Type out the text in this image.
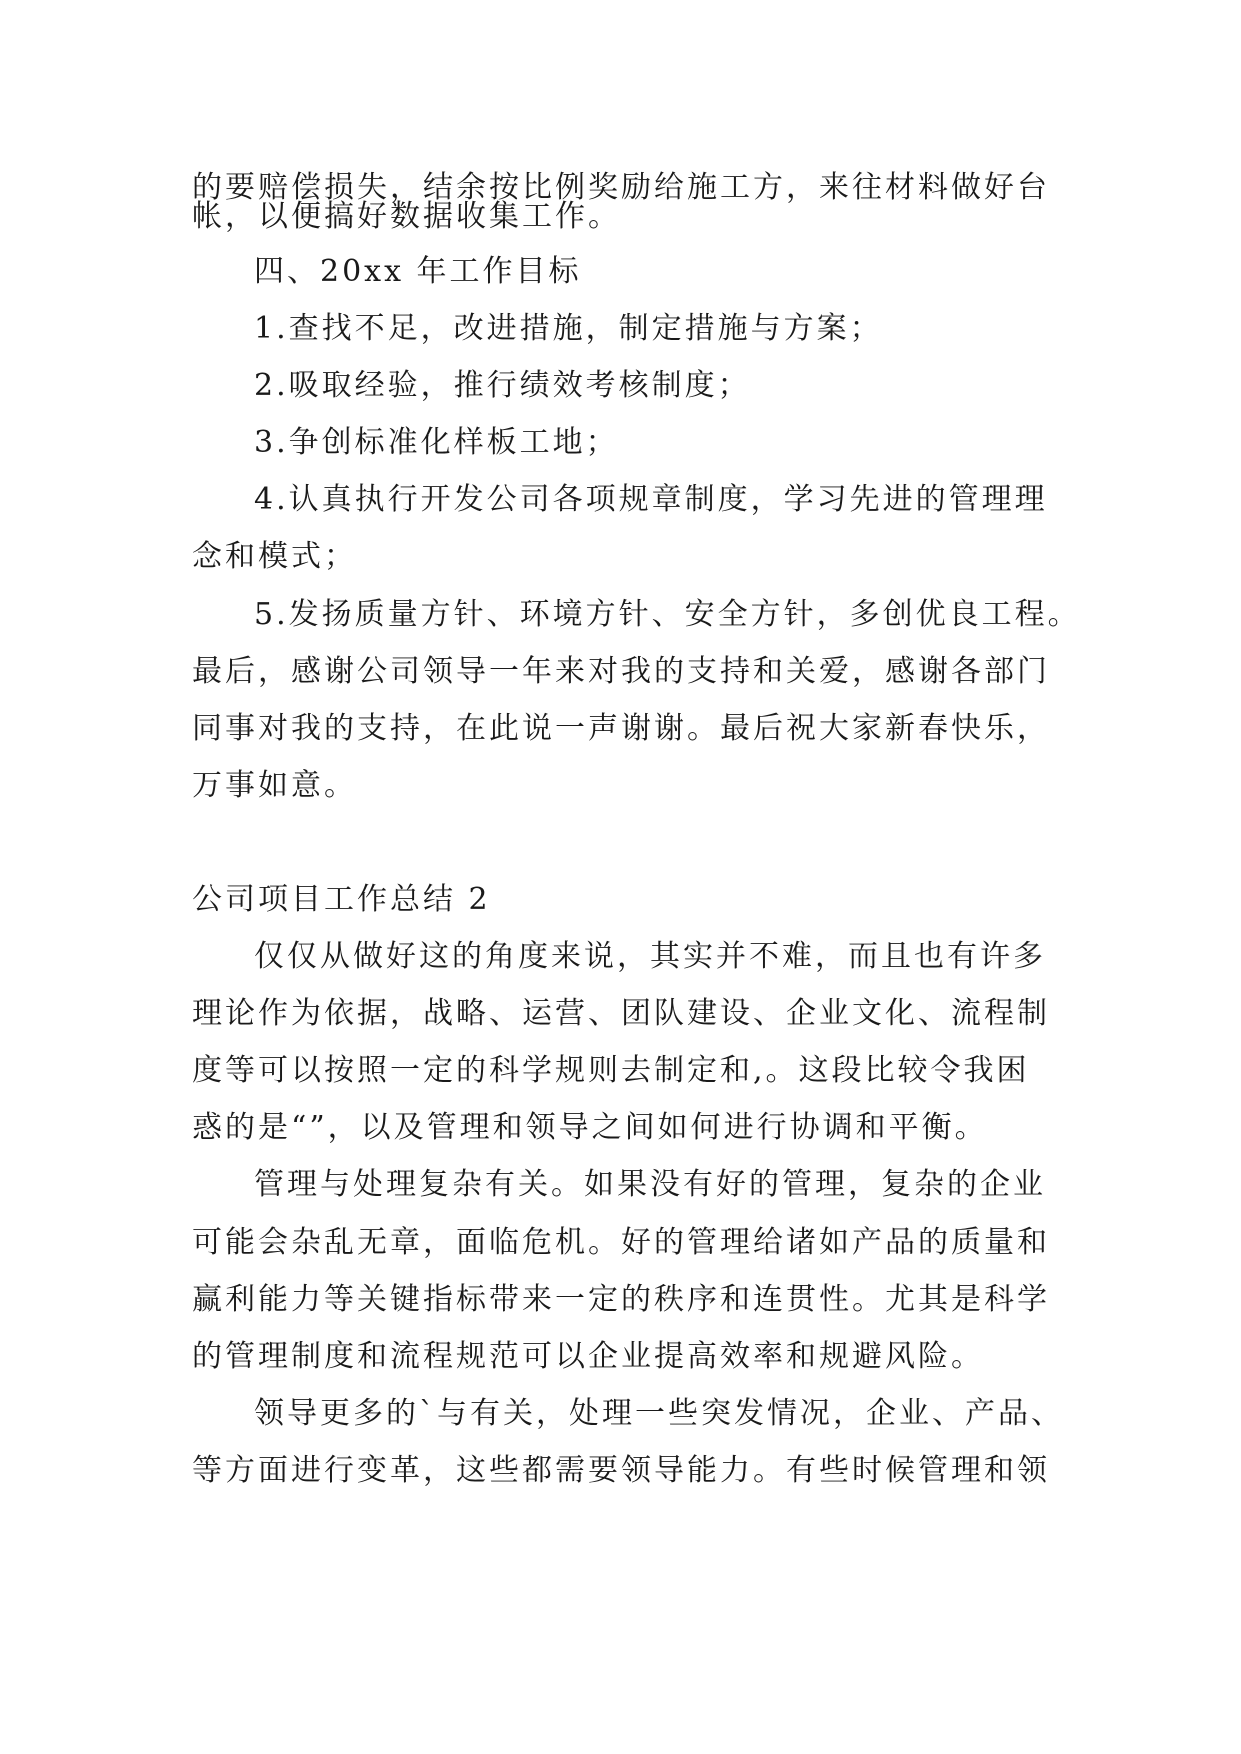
的要赔偿损失，结余按比例奖励给施工方，来往材料做好台
帐，以便搞好数据收集工作。
四、20xx 年工作目标
1.查找不足，改进措施，制定措施与方案；
2.吸取经验，推行绩效考核制度；
3.争创标准化样板工地；
4.认真执行开发公司各项规章制度，学习先进的管理理
念和模式；
5.发扬质量方针、环境方针、安全方针，多创优良工程。
最后，感谢公司领导一年来对我的支持和关爱，感谢各部门
同事对我的支持，在此说一声谢谢。最后祝大家新春快乐，
万事如意。
公司项目工作总结 2
仅仅从做好这的角度来说，其实并不难，而且也有许多
理论作为依据，战略、运营、团队建设、企业文化、流程制
度等可以按照一定的科学规则去制定和,。这段比较令我困
惑的是“”，以及管理和领导之间如何进行协调和平衡。
管理与处理复杂有关。如果没有好的管理，复杂的企业
可能会杂乱无章，面临危机。好的管理给诸如产品的质量和
赢利能力等关键指标带来一定的秩序和连贯性。尤其是科学
的管理制度和流程规范可以企业提高效率和规避风险。
领导更多的`与有关，处理一些突发情况，企业、产品、
等方面进行变革，这些都需要领导能力。有些时候管理和领
